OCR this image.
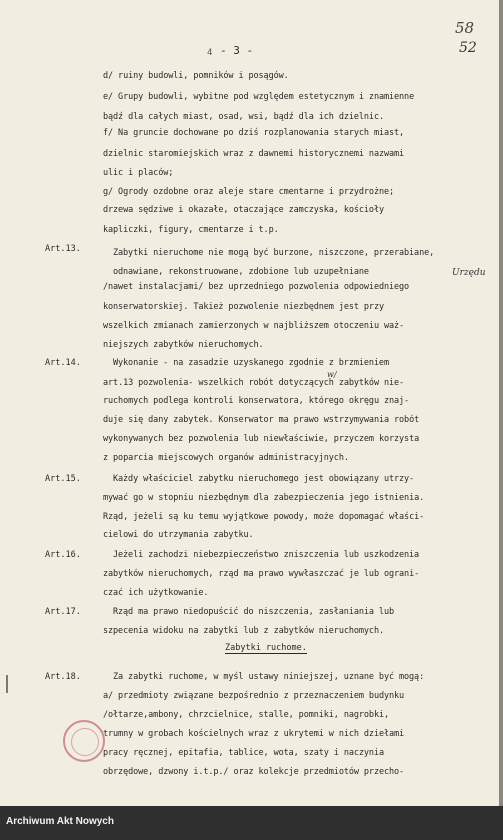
58
52
4 - 3 -
d/ ruiny budowli, pomników i posągów.
e/ Grupy budowli, wybitne pod względem estetycznym i znamienne
bądź dla całych miast, osad, wsi, bądź dla ich dzielnic.
f/ Na gruncie dochowane po dziś rozplanowania starych miast,
dzielnic staromiejskich wraz z dawnemi historycznemi nazwami
ulic i placów;
g/ Ogrody ozdobne oraz aleje stare cmentarne i przydrożne;
drzewa sędziwe i okazałe, otaczające zamczyska, kościoły
kapliczki, figury, cmentarze i t.p.
Art.13.	Zabytki nieruchome nie mogą być burzone, niszczone, przerabiane, odnawiane, rekonstruowane, zdobione lub uzupełniane	Urzędu
/nawet instalacjami/ bez uprzedniego pozwolenia odpowiedniego
konserwatorskiej. Takież pozwolenie niezbędnem jest przy
wszelkich zmianach zamierzonych w najbliższem otoczeniu waż-
niejszych zabytków nieruchomych.
Art.14.	Wykonanie - na zasadzie uzyskanego zgodnie z brzmieniem
art.13 pozwolenia- wszelkich robót dotyczących zabytków nie-
w/
ruchomych podlega kontroli konserwatora, którego okręgu znaj-
duje się dany zabytek. Konserwator ma prawo wstrzymywania robót
wykonywanych bez pozwolenia lub niewłaściwie, przyczem korzysta
z poparcia miejscowych organów administracyjnych.
Art.15.	Każdy właściciel zabytku nieruchomego jest obowiązany utrzy-
mywać go w stopniu niezbędnym dla zabezpieczenia jego istnienia.
Rząd, jeżeli są ku temu wyjątkowe powody, może dopomagać właści-
cielowi do utrzymania zabytku.
Art.16.	Jeżeli zachodzi niebezpieczeństwo zniszczenia lub uszkodzenia
zabytków nieruchomych, rząd ma prawo wywłaszczać je lub ograni-
czać ich użytkowanie.
Art.17.	Rząd ma prawo niedopuścić do niszczenia, zasłaniania lub
szpecenia widoku na zabytki lub z zabytków nieruchomych.
Zabytki ruchome.
Art.18.	Za zabytki ruchome, w myśl ustawy niniejszej, uznane być mogą:
a/ przedmioty związane bezpośrednio z przeznaczeniem budynku
/ołtarze,ambony, chrzcielnice, stalle, pomniki, nagrobki,
trumny w grobach kościelnych wraz z ukrytemi w nich dziełami
pracy ręcznej, epitafia, tablice, wota, szaty i naczynia
obrzędowe, dzwony i.t.p./ oraz kolekcje przedmiotów przecho-
Archiwum Akt Nowych
